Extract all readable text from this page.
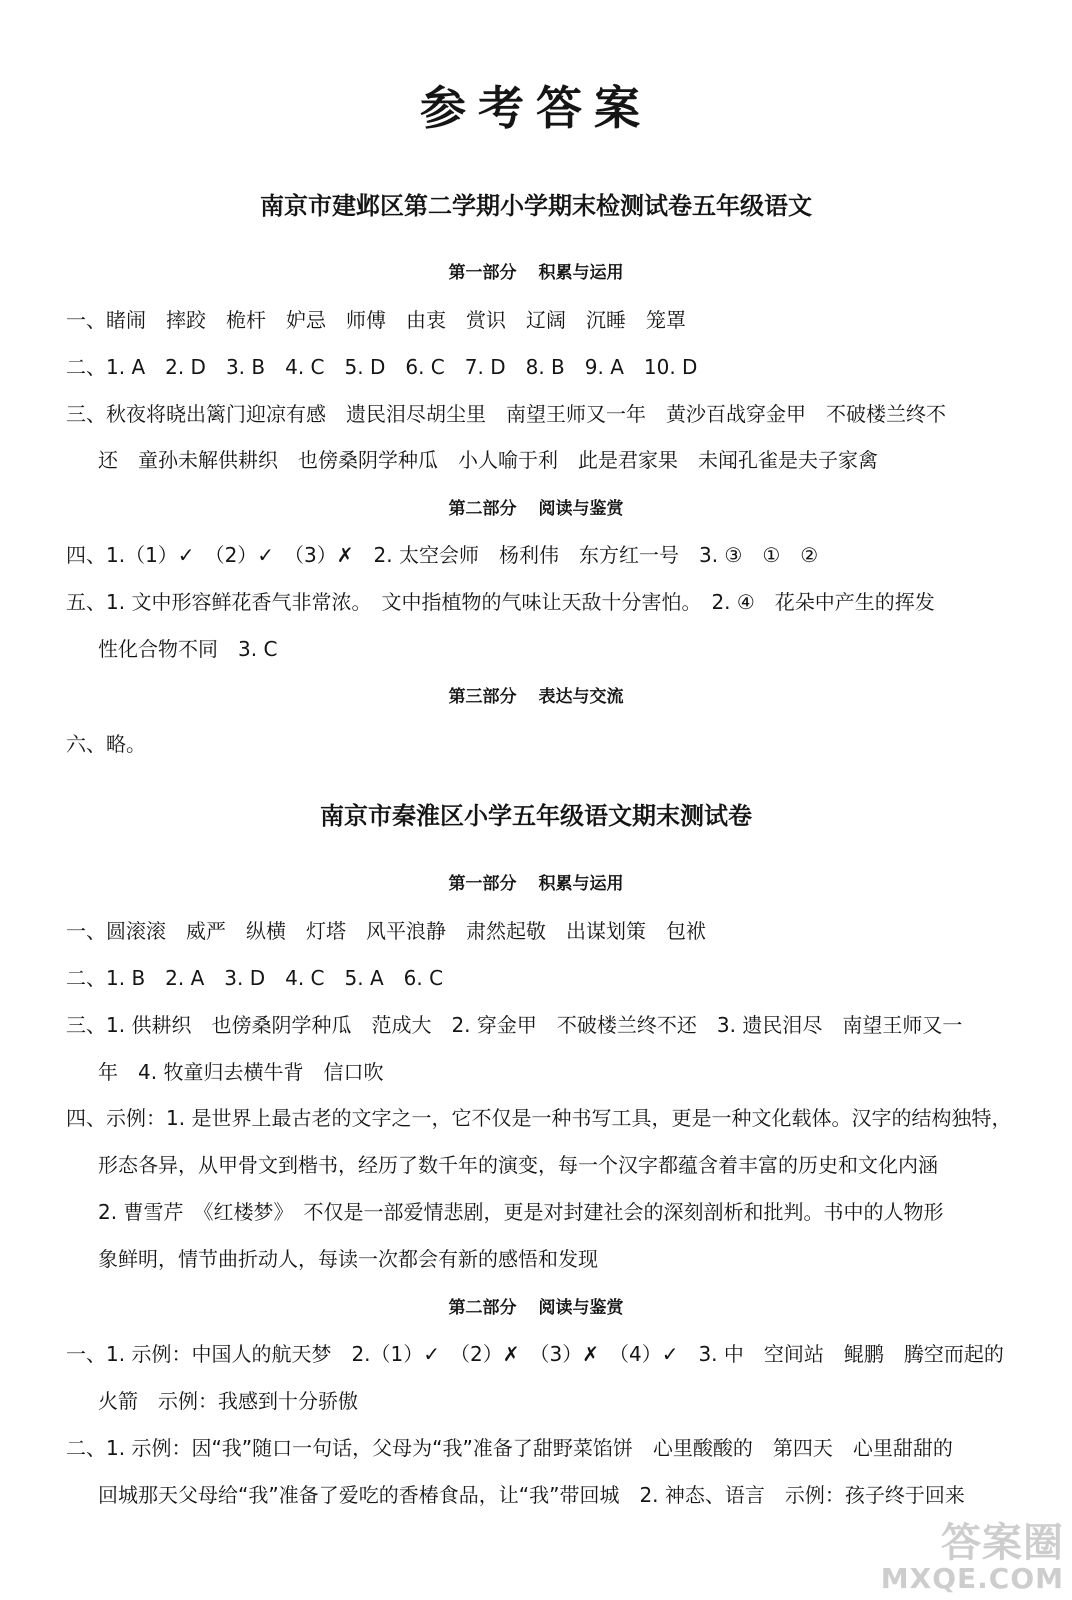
参考答案
南京市建邺区第二学期小学期末检测试卷五年级语文
第一部分 积累与运用
一、睹闹　摔跤　桅杆　妒忌　师傅　由衷　赏识　辽阔　沉睡　笼罩
二、1. A　2. D　3. B　4. C　5. D　6. C　7. D　8. B　9. A　10. D
三、秋夜将晓出篱门迎凉有感　遗民泪尽胡尘里　南望王师又一年　黄沙百战穿金甲　不破楼兰终不
还　童孙未解供耕织　也傍桑阴学种瓜　小人喻于利　此是君家果　未闻孔雀是夫子家禽
第二部分 阅读与鉴赏
四、1.（1）✓　（2）✓　（3）✗　2. 太空会师　杨利伟　东方红一号　3. ③　①　②
五、1. 文中形容鲜花香气非常浓。　文中指植物的气味让天敌十分害怕。　2. ④　花朵中产生的挥发
性化合物不同　3. C
第三部分 表达与交流
六、略。
南京市秦淮区小学五年级语文期末测试卷
第一部分 积累与运用
一、圆滚滚　威严　纵横　灯塔　风平浪静　肃然起敬　出谋划策　包袱
二、1. B　2. A　3. D　4. C　5. A　6. C
三、1. 供耕织　也傍桑阴学种瓜　范成大　2. 穿金甲　不破楼兰终不还　3. 遗民泪尽　南望王师又一
年　4. 牧童归去横牛背　信口吹
四、示例：1. 是世界上最古老的文字之一，它不仅是一种书写工具，更是一种文化载体。汉字的结构独特，
形态各异，从甲骨文到楷书，经历了数千年的演变，每一个汉字都蕴含着丰富的历史和文化内涵
2. 曹雪芹　《红楼梦》　不仅是一部爱情悲剧，更是对封建社会的深刻剖析和批判。书中的人物形
象鲜明，情节曲折动人，每读一次都会有新的感悟和发现
第二部分 阅读与鉴赏
一、1. 示例：中国人的航天梦　2.（1）✓　（2）✗　（3）✗　（4）✓　3. 中　空间站　鲲鹏　腾空而起的
火箭　示例：我感到十分骄傲
二、1. 示例：因“我”随口一句话，父母为“我”准备了甜野菜馅饼　心里酸酸的　第四天　心里甜甜的
回城那天父母给“我”准备了爱吃的香椿食品，让“我”带回城　2. 神态、语言　示例：孩子终于回来
答案圈
MXQE.COM
